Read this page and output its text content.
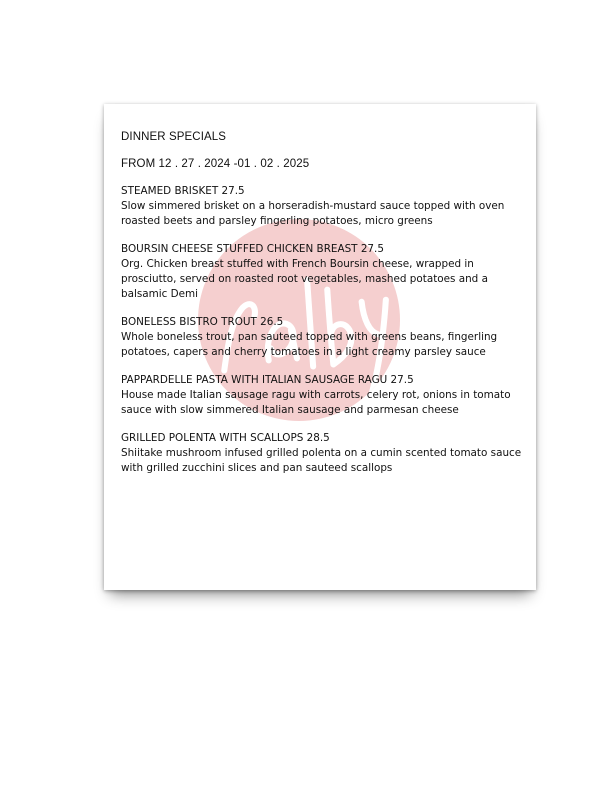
DINNER SPECIALS

FROM 12 . 27 . 2024 -01 . 02 . 2025

STEAMED BRISKET 27.5
Slow simmered brisket on a horseradish-mustard sauce topped with oven roasted beets and parsley fingerling potatoes, micro greens
BOURSIN CHEESE STUFFED CHICKEN BREAST 27.5
Org. Chicken breast stuffed with French Boursin cheese, wrapped in prosciutto, served on roasted root vegetables, mashed potatoes and a balsamic Demi
BONELESS BISTRO TROUT 26.5
Whole boneless trout, pan sauteed topped with greens beans, fingerling potatoes, capers and cherry tomatoes in a light creamy parsley sauce
PAPPARDELLE PASTA WITH ITALIAN SAUSAGE RAGU 27.5
House made Italian sausage ragu with carrots, celery rot, onions in tomato sauce with slow simmered Italian sausage and parmesan cheese
GRILLED POLENTA WITH SCALLOPS 28.5
Shiitake mushroom infused grilled polenta on a cumin scented tomato sauce with grilled zucchini slices and pan sauteed scallops
